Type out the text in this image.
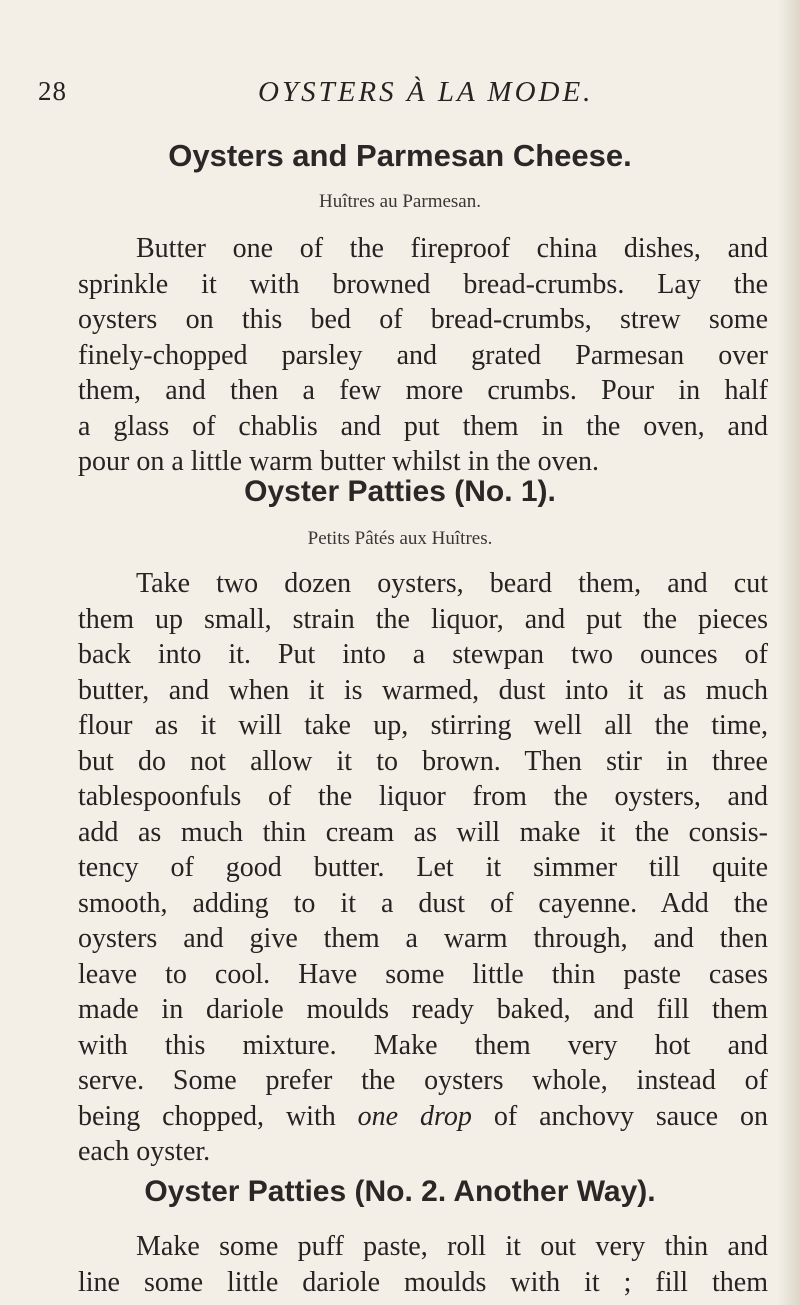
28	OYSTERS À LA MODE.
Oysters and Parmesan Cheese.
Huîtres au Parmesan.
Butter one of the fireproof china dishes, and
sprinkle it with browned bread-crumbs. Lay the
oysters on this bed of bread-crumbs, strew some
finely-chopped parsley and grated Parmesan over
them, and then a few more crumbs. Pour in half
a glass of chablis and put them in the oven, and
pour on a little warm butter whilst in the oven.
Oyster Patties (No. 1).
Petits Pâtés aux Huîtres.
Take two dozen oysters, beard them, and cut
them up small, strain the liquor, and put the pieces
back into it. Put into a stewpan two ounces of
butter, and when it is warmed, dust into it as much
flour as it will take up, stirring well all the time,
but do not allow it to brown. Then stir in three
tablespoonfuls of the liquor from the oysters, and
add as much thin cream as will make it the consis-
tency of good butter. Let it simmer till quite
smooth, adding to it a dust of cayenne. Add the
oysters and give them a warm through, and then
leave to cool. Have some little thin paste cases
made in dariole moulds ready baked, and fill them
with this mixture. Make them very hot and
serve. Some prefer the oysters whole, instead of
being chopped, with one drop of anchovy sauce on
each oyster.
Oyster Patties (No. 2. Another Way).
Make some puff paste, roll it out very thin and
line some little dariole moulds with it ; fill them
